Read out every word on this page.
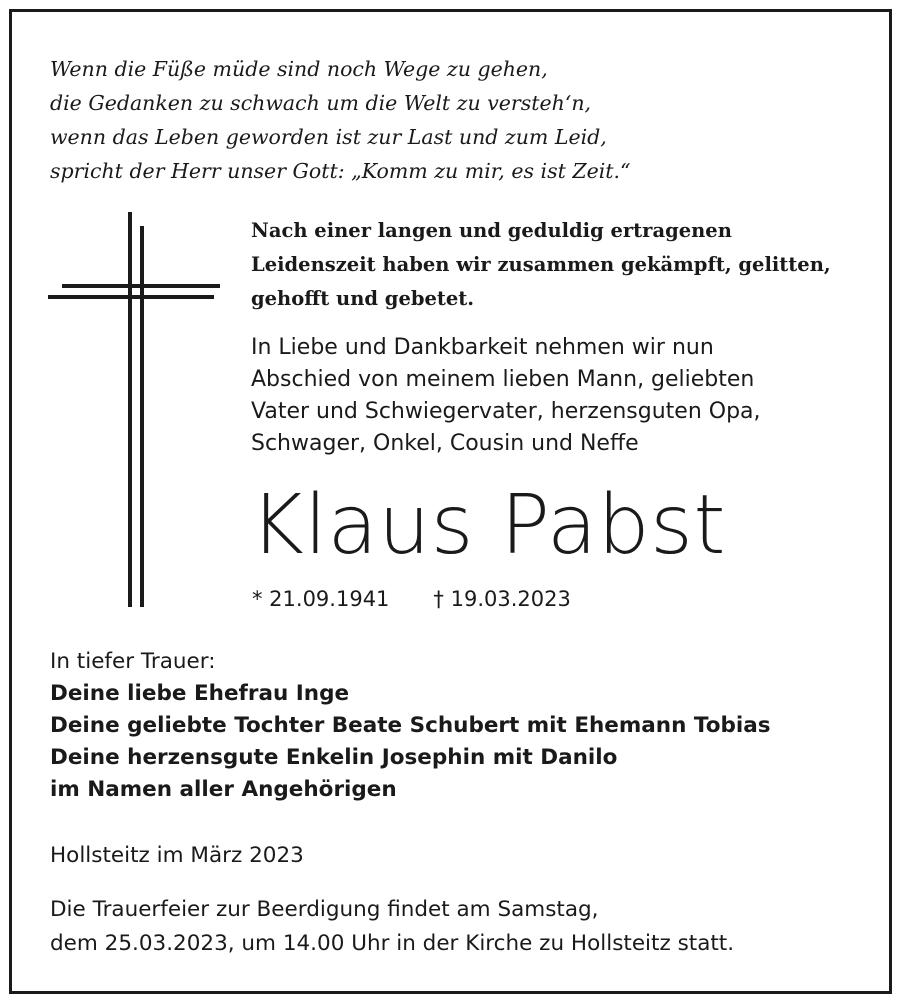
Wenn die Füße müde sind noch Wege zu gehen,
die Gedanken zu schwach um die Welt zu versteh‘n,
wenn das Leben geworden ist zur Last und zum Leid,
spricht der Herr unser Gott: „Komm zu mir, es ist Zeit.“
Nach einer langen und geduldig ertragenen
Leidenszeit haben wir zusammen gekämpft, gelitten,
gehofft und gebetet.
In Liebe und Dankbarkeit nehmen wir nun
Abschied von meinem lieben Mann, geliebten
Vater und Schwiegervater, herzensguten Opa,
Schwager, Onkel, Cousin und Neffe
Klaus Pabst
* 21.09.1941 † 19.03.2023
In tiefer Trauer:
Deine liebe Ehefrau Inge
Deine geliebte Tochter Beate Schubert mit Ehemann Tobias
Deine herzensgute Enkelin Josephin mit Danilo
im Namen aller Angehörigen
Hollsteitz im März 2023
Die Trauerfeier zur Beerdigung findet am Samstag,
dem 25.03.2023, um 14.00 Uhr in der Kirche zu Hollsteitz statt.
